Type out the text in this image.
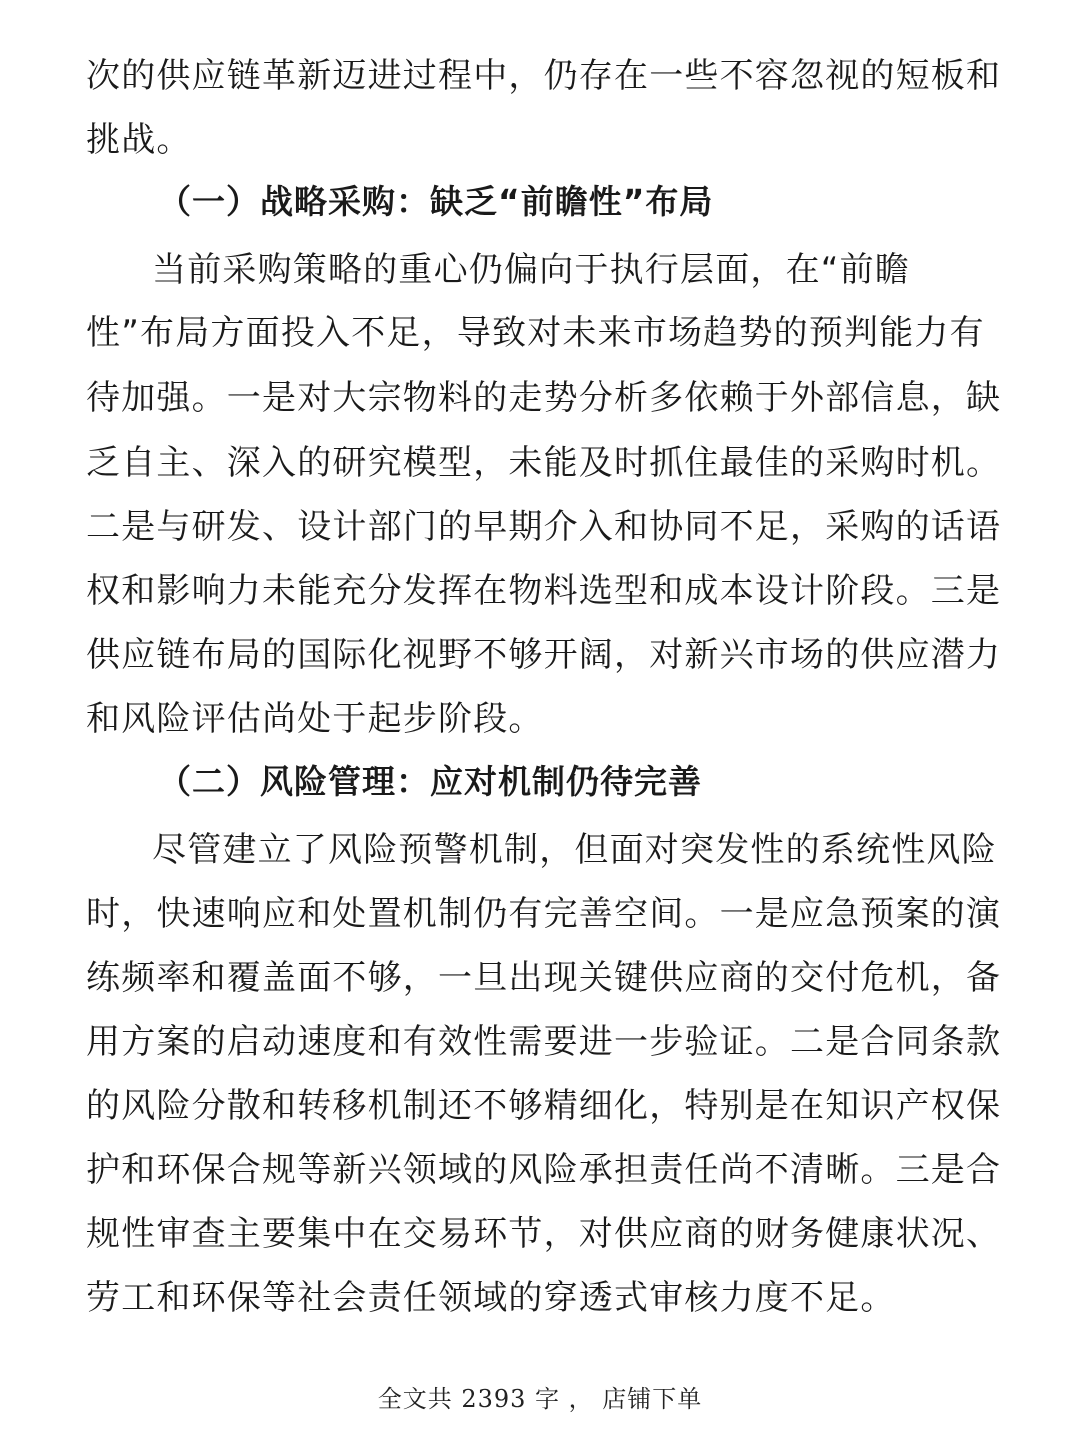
次的供应链革新迈进过程中，仍存在一些不容忽视的短板和
挑战。
（一）战略采购：缺乏“前瞻性”布局
当前采购策略的重心仍偏向于执行层面，在“前瞻
性”布局方面投入不足，导致对未来市场趋势的预判能力有
待加强。一是对大宗物料的走势分析多依赖于外部信息，缺
乏自主、深入的研究模型，未能及时抓住最佳的采购时机。
二是与研发、设计部门的早期介入和协同不足，采购的话语
权和影响力未能充分发挥在物料选型和成本设计阶段。三是
供应链布局的国际化视野不够开阔，对新兴市场的供应潜力
和风险评估尚处于起步阶段。
（二）风险管理：应对机制仍待完善
尽管建立了风险预警机制，但面对突发性的系统性风险
时，快速响应和处置机制仍有完善空间。一是应急预案的演
练频率和覆盖面不够，一旦出现关键供应商的交付危机，备
用方案的启动速度和有效性需要进一步验证。二是合同条款
的风险分散和转移机制还不够精细化，特别是在知识产权保
护和环保合规等新兴领域的风险承担责任尚不清晰。三是合
规性审查主要集中在交易环节，对供应商的财务健康状况、
劳工和环保等社会责任领域的穿透式审核力度不足。
全文共 2393 字 ， 店铺下单
